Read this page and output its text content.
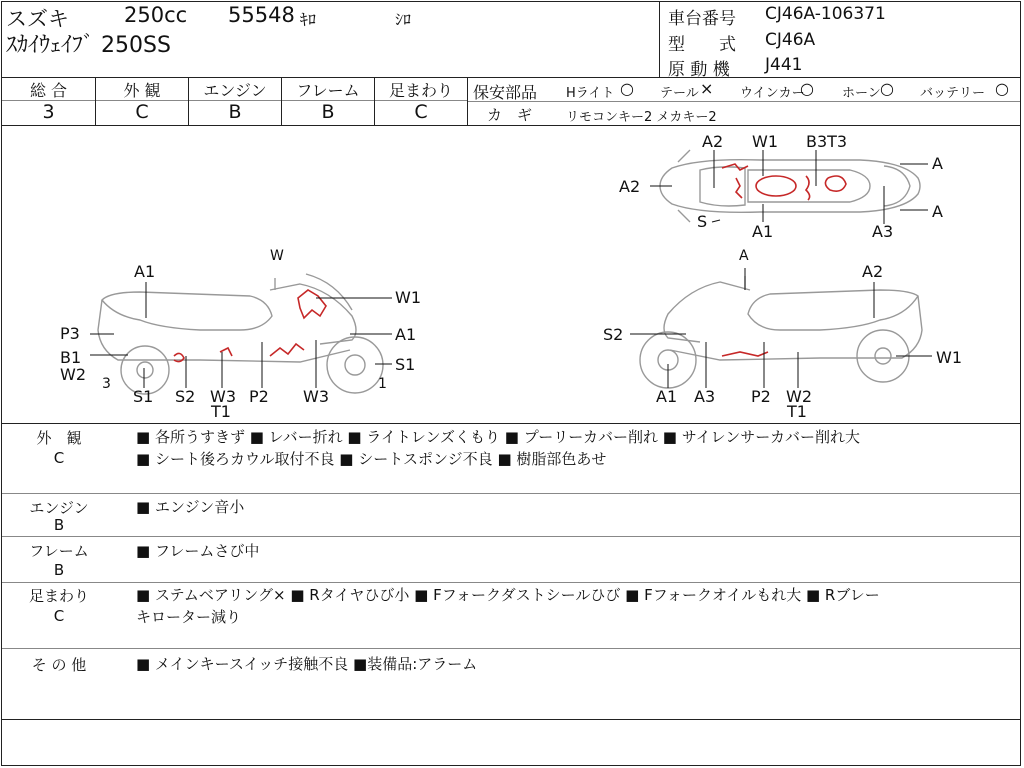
スズキ	250cc 55548 ｷﾛ	ｼﾛ
ｽｶｲｳｪｲﾌﾞ 250SS
車台番号 CJ46A-106371
型　　式 CJ46A
原 動 機 J441
総 合	外 観	エンジン	フレーム	足まわり
3	C	B	B	C
保安部品 Hライト ○ テール × ウインカー
○ ホーン ○ バッテリー ○
カ　ギ	リモコンキー2 メカキー2
A2 W1 B3T3
A
A2
A
S
A1	A3
W
A1
W1
P3	A1
B1
W2 3	1
S1
S1 S2 W3
T1
P2 W3
A
A2
S2
W1
A1 A3 P2 W2
T1
外　観
C
■ 各所うすきず ■ レバー折れ ■ ライトレンズくもり ■ プーリーカバー削れ ■ サイレンサーカバー削れ大
■ シート後ろカウル取付不良 ■ シートスポンジ不良 ■ 樹脂部色あせ
エンジン
B
■ エンジン音小
フレーム
B
■ フレームさび中
足まわり
C
■ ステムベアリング× ■ Rタイヤひび小 ■ Fフォークダストシールひび ■ Fフォークオイルもれ大 ■ Rブレー
キローター減り
そ の 他	■ メインキースイッチ接触不良 ■装備品:アラーム
